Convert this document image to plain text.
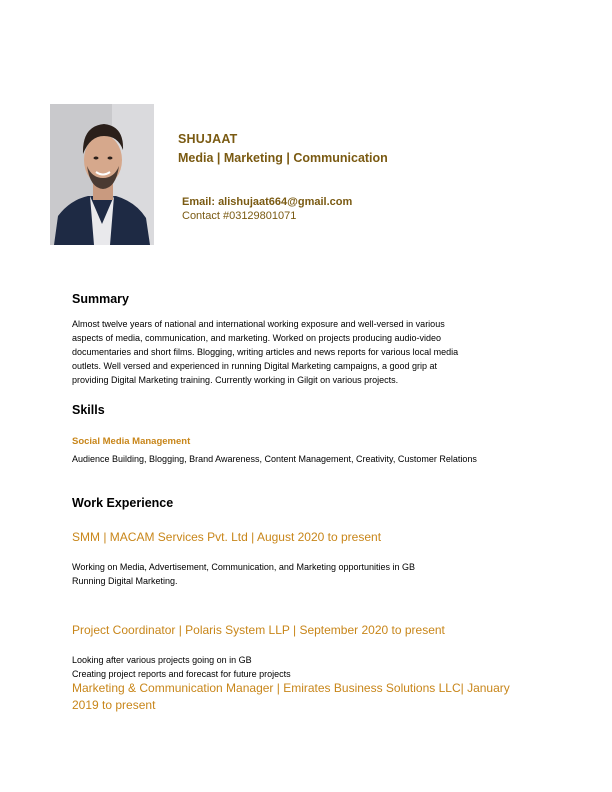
SHUJAAT
Media | Marketing | Communication
Email: alishujaat664@gmail.com
Contact #03129801071
Summary
Almost twelve years of national and international working exposure and well-versed in various
aspects of media, communication, and marketing. Worked on projects producing audio-video
documentaries and short films. Blogging, writing articles and news reports for various local media
outlets. Well versed and experienced in running Digital Marketing campaigns, a good grip at
providing Digital Marketing training. Currently working in Gilgit on various projects.
Skills
Social Media Management
Audience Building, Blogging, Brand Awareness, Content Management, Creativity, Customer Relations
Work Experience
SMM | MACAM Services Pvt. Ltd | August 2020 to present
Working on Media, Advertisement, Communication, and Marketing opportunities in GB
Running Digital Marketing.
Project Coordinator | Polaris System LLP | September 2020 to present
Looking after various projects going on in GB
Creating project reports and forecast for future projects
Marketing & Communication Manager | Emirates Business Solutions LLC| January
2019 to present
